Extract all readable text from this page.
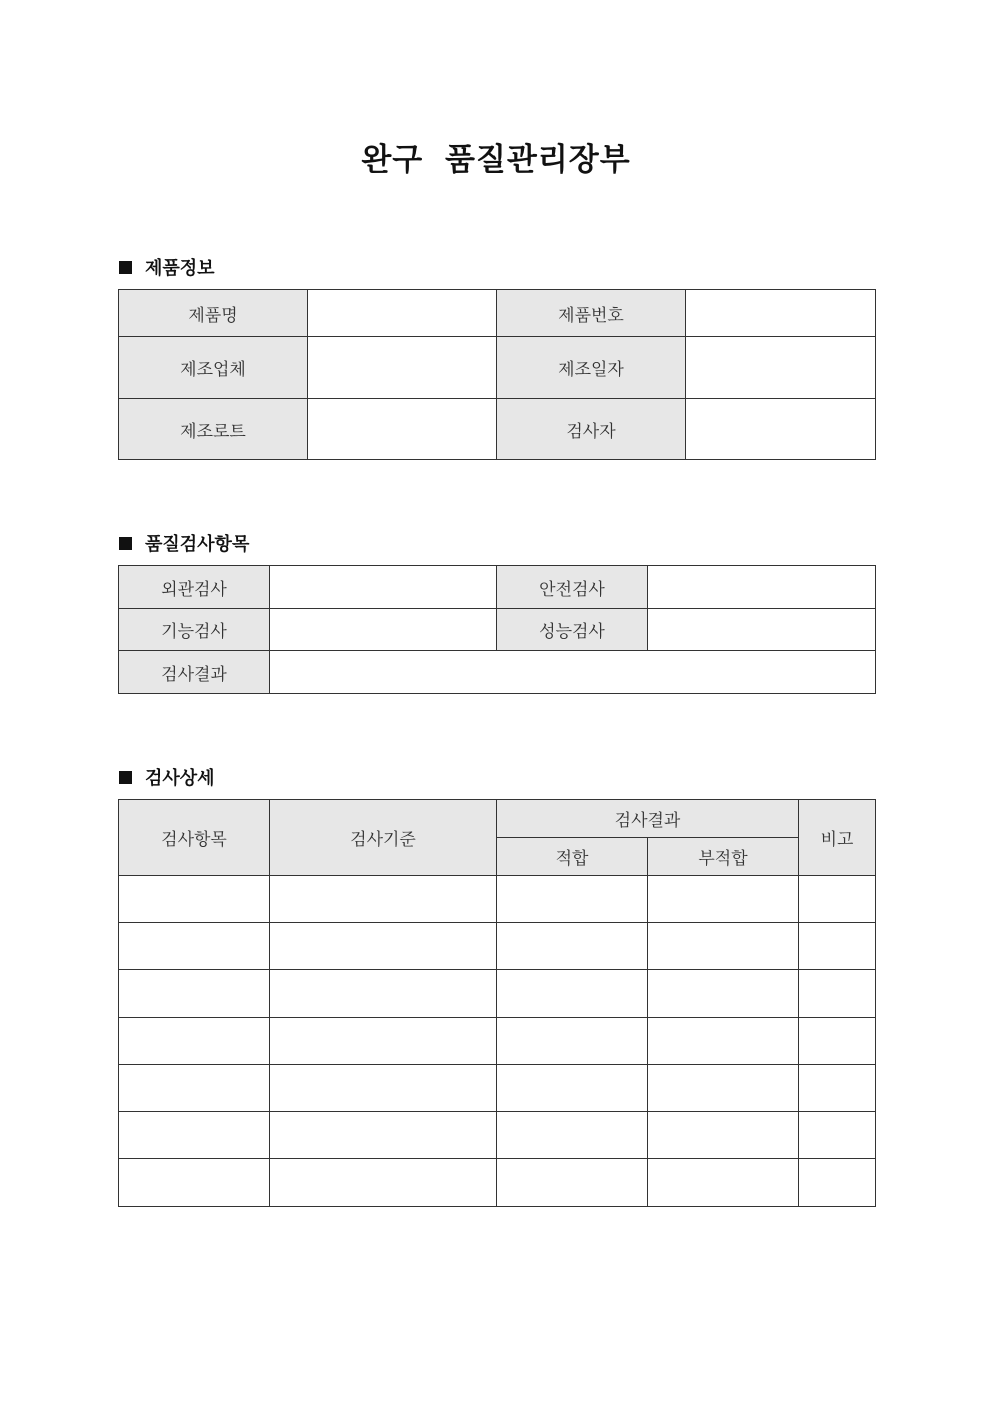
완구 품질관리장부
제품정보
제품명		제품번호	
제조업체		제조일자	
제조로트		검사자	
품질검사항목
외관검사		안전검사	
기능검사		성능검사	
검사결과			
검사상세
검사항목	검사기준	검사결과		비고
		적합	부적합	
